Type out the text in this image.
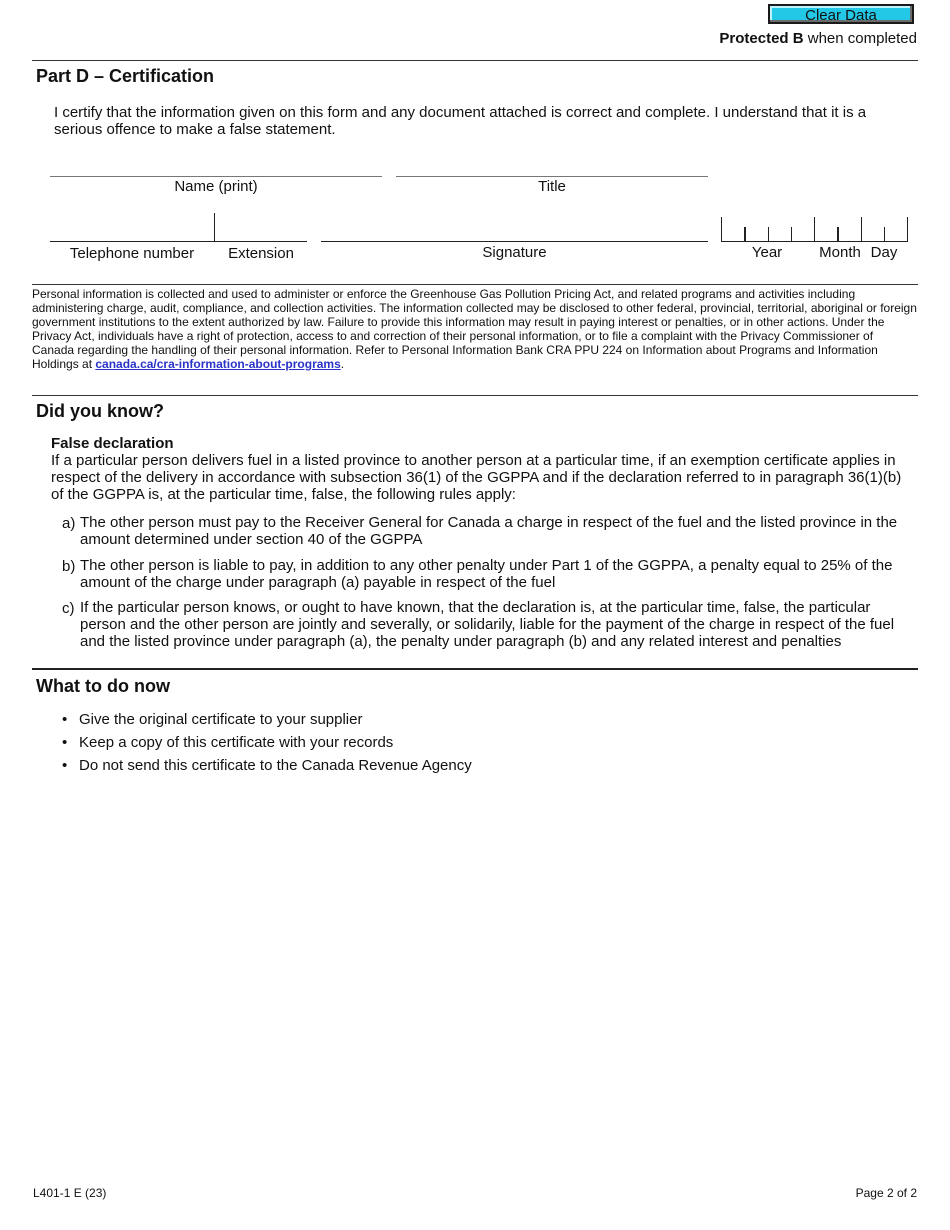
Clear Data
Protected B when completed
Part D – Certification
I certify that the information given on this form and any document attached is correct and complete. I understand that it is a serious offence to make a false statement.
Name (print)	Title
Telephone number	Extension	Signature	Year	Month Day
Personal information is collected and used to administer or enforce the Greenhouse Gas Pollution Pricing Act, and related programs and activities including administering charge, audit, compliance, and collection activities. The information collected may be disclosed to other federal, provincial, territorial, aboriginal or foreign government institutions to the extent authorized by law. Failure to provide this information may result in paying interest or penalties, or in other actions. Under the Privacy Act, individuals have a right of protection, access to and correction of their personal information, or to file a complaint with the Privacy Commissioner of Canada regarding the handling of their personal information. Refer to Personal Information Bank CRA PPU 224 on Information about Programs and Information Holdings at canada.ca/cra-information-about-programs.
Did you know?
False declaration
If a particular person delivers fuel in a listed province to another person at a particular time, if an exemption certificate applies in respect of the delivery in accordance with subsection 36(1) of the GGPPA and if the declaration referred to in paragraph 36(1)(b) of the GGPPA is, at the particular time, false, the following rules apply:
a) The other person must pay to the Receiver General for Canada a charge in respect of the fuel and the listed province in the amount determined under section 40 of the GGPPA
b) The other person is liable to pay, in addition to any other penalty under Part 1 of the GGPPA, a penalty equal to 25% of the amount of the charge under paragraph (a) payable in respect of the fuel
c) If the particular person knows, or ought to have known, that the declaration is, at the particular time, false, the particular person and the other person are jointly and severally, or solidarily, liable for the payment of the charge in respect of the fuel and the listed province under paragraph (a), the penalty under paragraph (b) and any related interest and penalties
What to do now
• Give the original certificate to your supplier
• Keep a copy of this certificate with your records
• Do not send this certificate to the Canada Revenue Agency
L401-1 E (23)	Page 2 of 2
